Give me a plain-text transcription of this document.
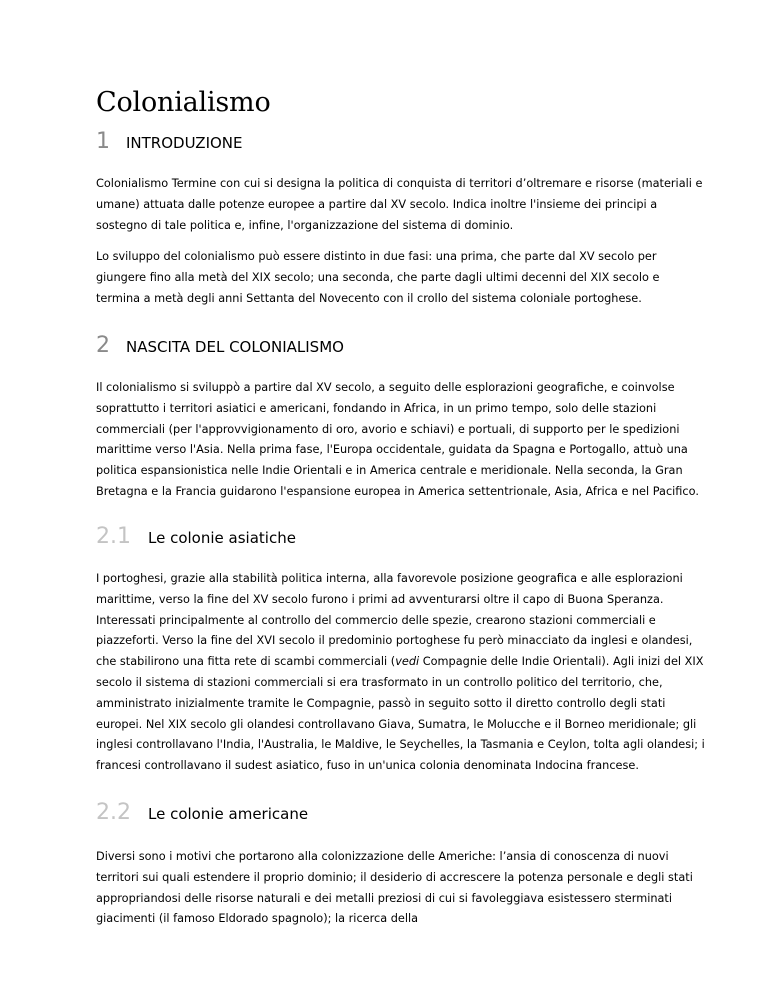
Colonialismo
1	INTRODUZIONE

Colonialismo Termine con cui si designa la politica di conquista di territori d’oltremare e risorse (materiali e umane) attuata dalle potenze europee a partire dal XV secolo. Indica inoltre l'insieme dei principi a sostegno di tale politica e, infine, l'organizzazione del sistema di dominio.

Lo sviluppo del colonialismo può essere distinto in due fasi: una prima, che parte dal XV secolo per giungere fino alla metà del XIX secolo; una seconda, che parte dagli ultimi decenni del XIX secolo e termina a metà degli anni Settanta del Novecento con il crollo del sistema coloniale portoghese.

2	NASCITA DEL COLONIALISMO

Il colonialismo si sviluppò a partire dal XV secolo, a seguito delle esplorazioni geografiche, e coinvolse soprattutto i territori asiatici e americani, fondando in Africa, in un primo tempo, solo delle stazioni commerciali (per l'approvvigionamento di oro, avorio e schiavi) e portuali, di supporto per le spedizioni marittime verso l'Asia. Nella prima fase, l'Europa occidentale, guidata da Spagna e Portogallo, attuò una politica espansionistica nelle Indie Orientali e in America centrale e meridionale. Nella seconda, la Gran Bretagna e la Francia guidarono l'espansione europea in America settentrionale, Asia, Africa e nel Pacifico.

2.1	Le colonie asiatiche

I portoghesi, grazie alla stabilità politica interna, alla favorevole posizione geografica e alle esplorazioni marittime, verso la fine del XV secolo furono i primi ad avventurarsi oltre il capo di Buona Speranza. Interessati principalmente al controllo del commercio delle spezie, crearono stazioni commerciali e piazzeforti. Verso la fine del XVI secolo il predominio portoghese fu però minacciato da inglesi e olandesi, che stabilirono una fitta rete di scambi commerciali (vedi Compagnie delle Indie Orientali). Agli inizi del XIX secolo il sistema di stazioni commerciali si era trasformato in un controllo politico del territorio, che, amministrato inizialmente tramite le Compagnie, passò in seguito sotto il diretto controllo degli stati europei. Nel XIX secolo gli olandesi controllavano Giava, Sumatra, le Molucche e il Borneo meridionale; gli inglesi controllavano l'India, l'Australia, le Maldive, le Seychelles, la Tasmania e Ceylon, tolta agli olandesi; i francesi controllavano il sudest asiatico, fuso in un'unica colonia denominata Indocina francese.

2.2	Le colonie americane

Diversi sono i motivi che portarono alla colonizzazione delle Americhe: l’ansia di conoscenza di nuovi territori sui quali estendere il proprio dominio; il desiderio di accrescere la potenza personale e degli stati appropriandosi delle risorse naturali e dei metalli preziosi di cui si favoleggiava esistessero sterminati giacimenti (il famoso Eldorado spagnolo); la ricerca della
